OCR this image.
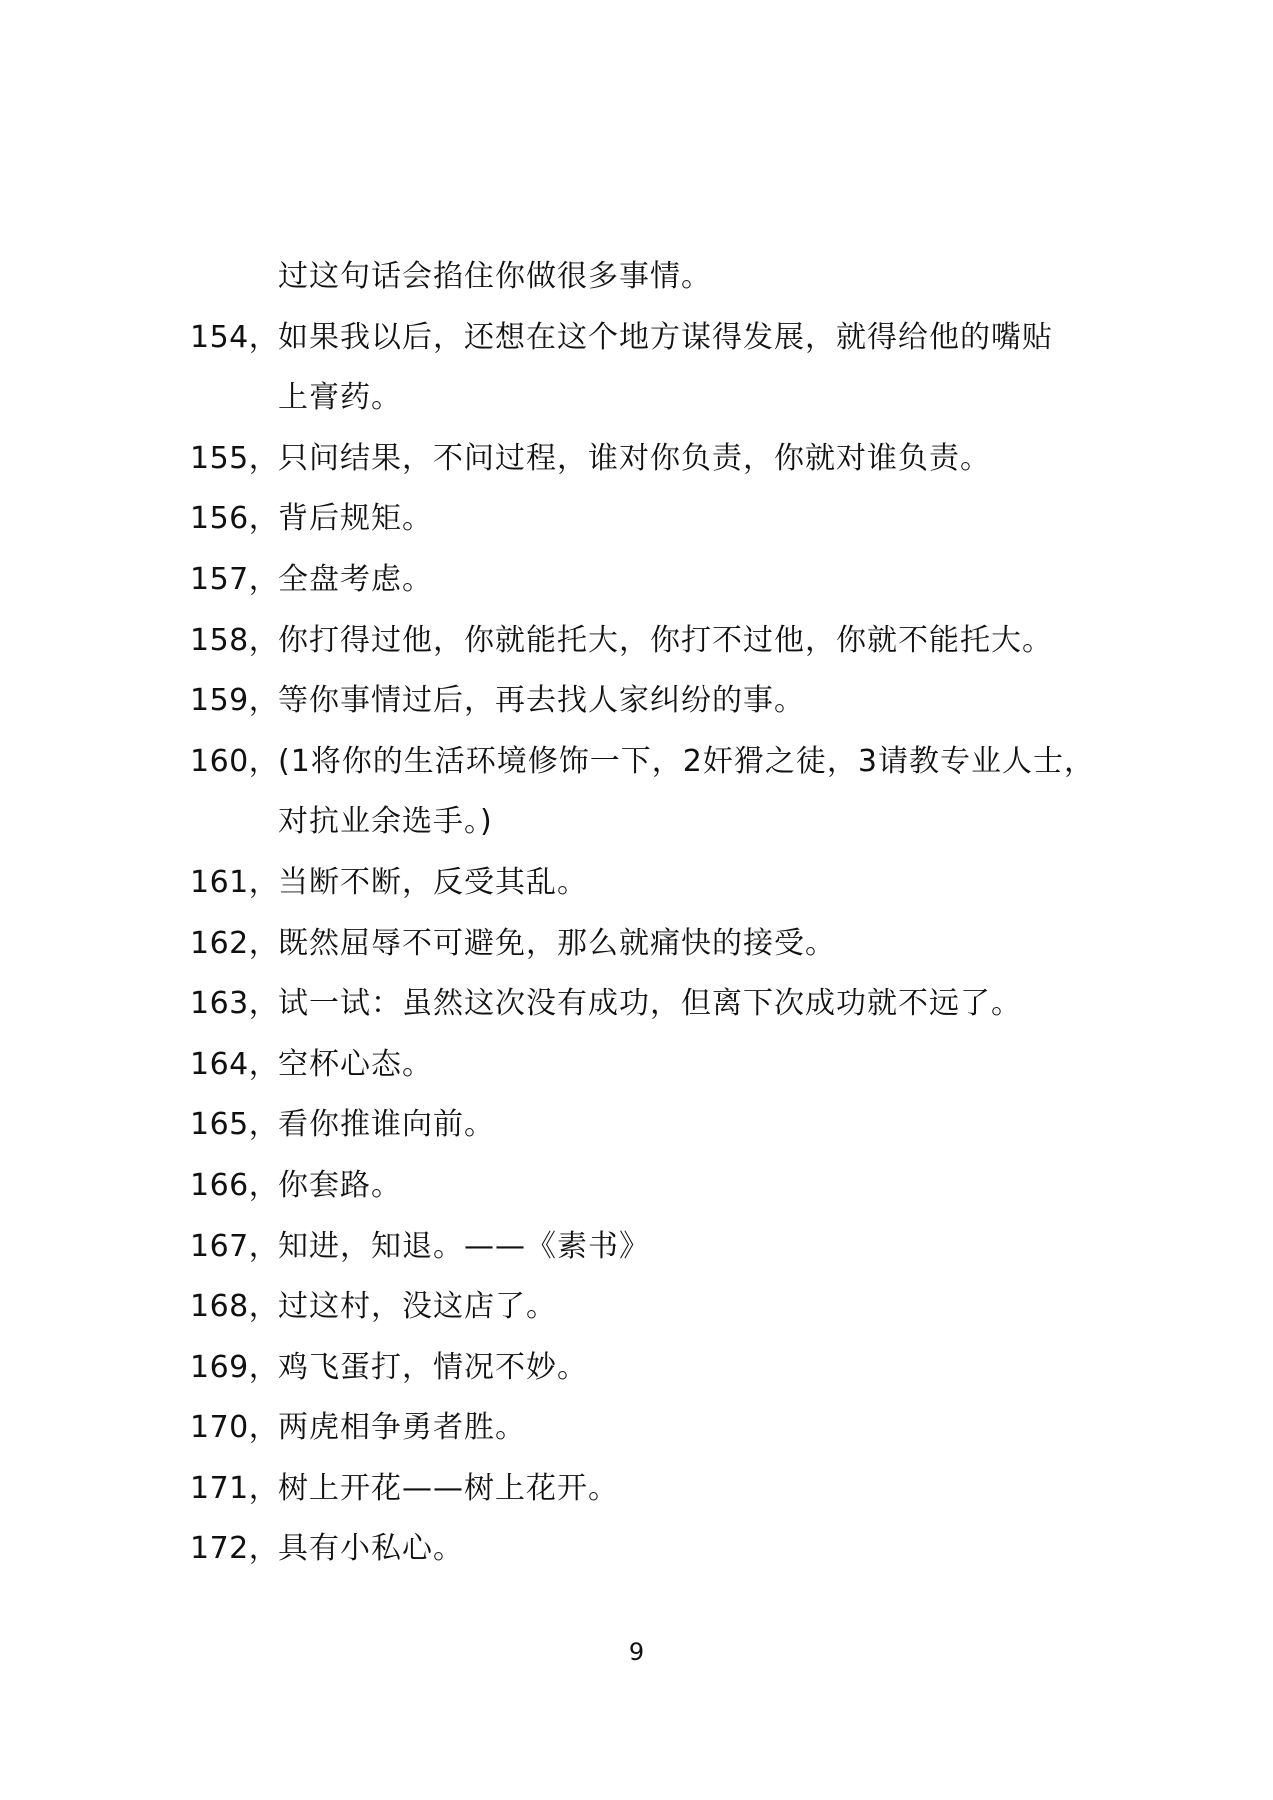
过这句话会掐住你做很多事情。
154，
如果我以后，还想在这个地方谋得发展，就得给他的嘴贴
上膏药。
155，
只问结果，不问过程，谁对你负责，你就对谁负责。
156，
背后规矩。
157，
全盘考虑。
158，
你打得过他，你就能托大，你打不过他，你就不能托大。
159，
等你事情过后，再去找人家纠纷的事。
160，
(1将你的生活环境修饰一下，2奸猾之徒，3请教专业人士，
对抗业余选手。)
161，
当断不断，反受其乱。
162，
既然屈辱不可避免，那么就痛快的接受。
163，
试一试：虽然这次没有成功，但离下次成功就不远了。
164，
空杯心态。
165，
看你推谁向前。
166，
你套路。
167，
知进，知退。——《素书》
168，
过这村，没这店了。
169，
鸡飞蛋打，情况不妙。
170，
两虎相争勇者胜。
171，
树上开花——树上花开。
172，
具有小私心。
9
